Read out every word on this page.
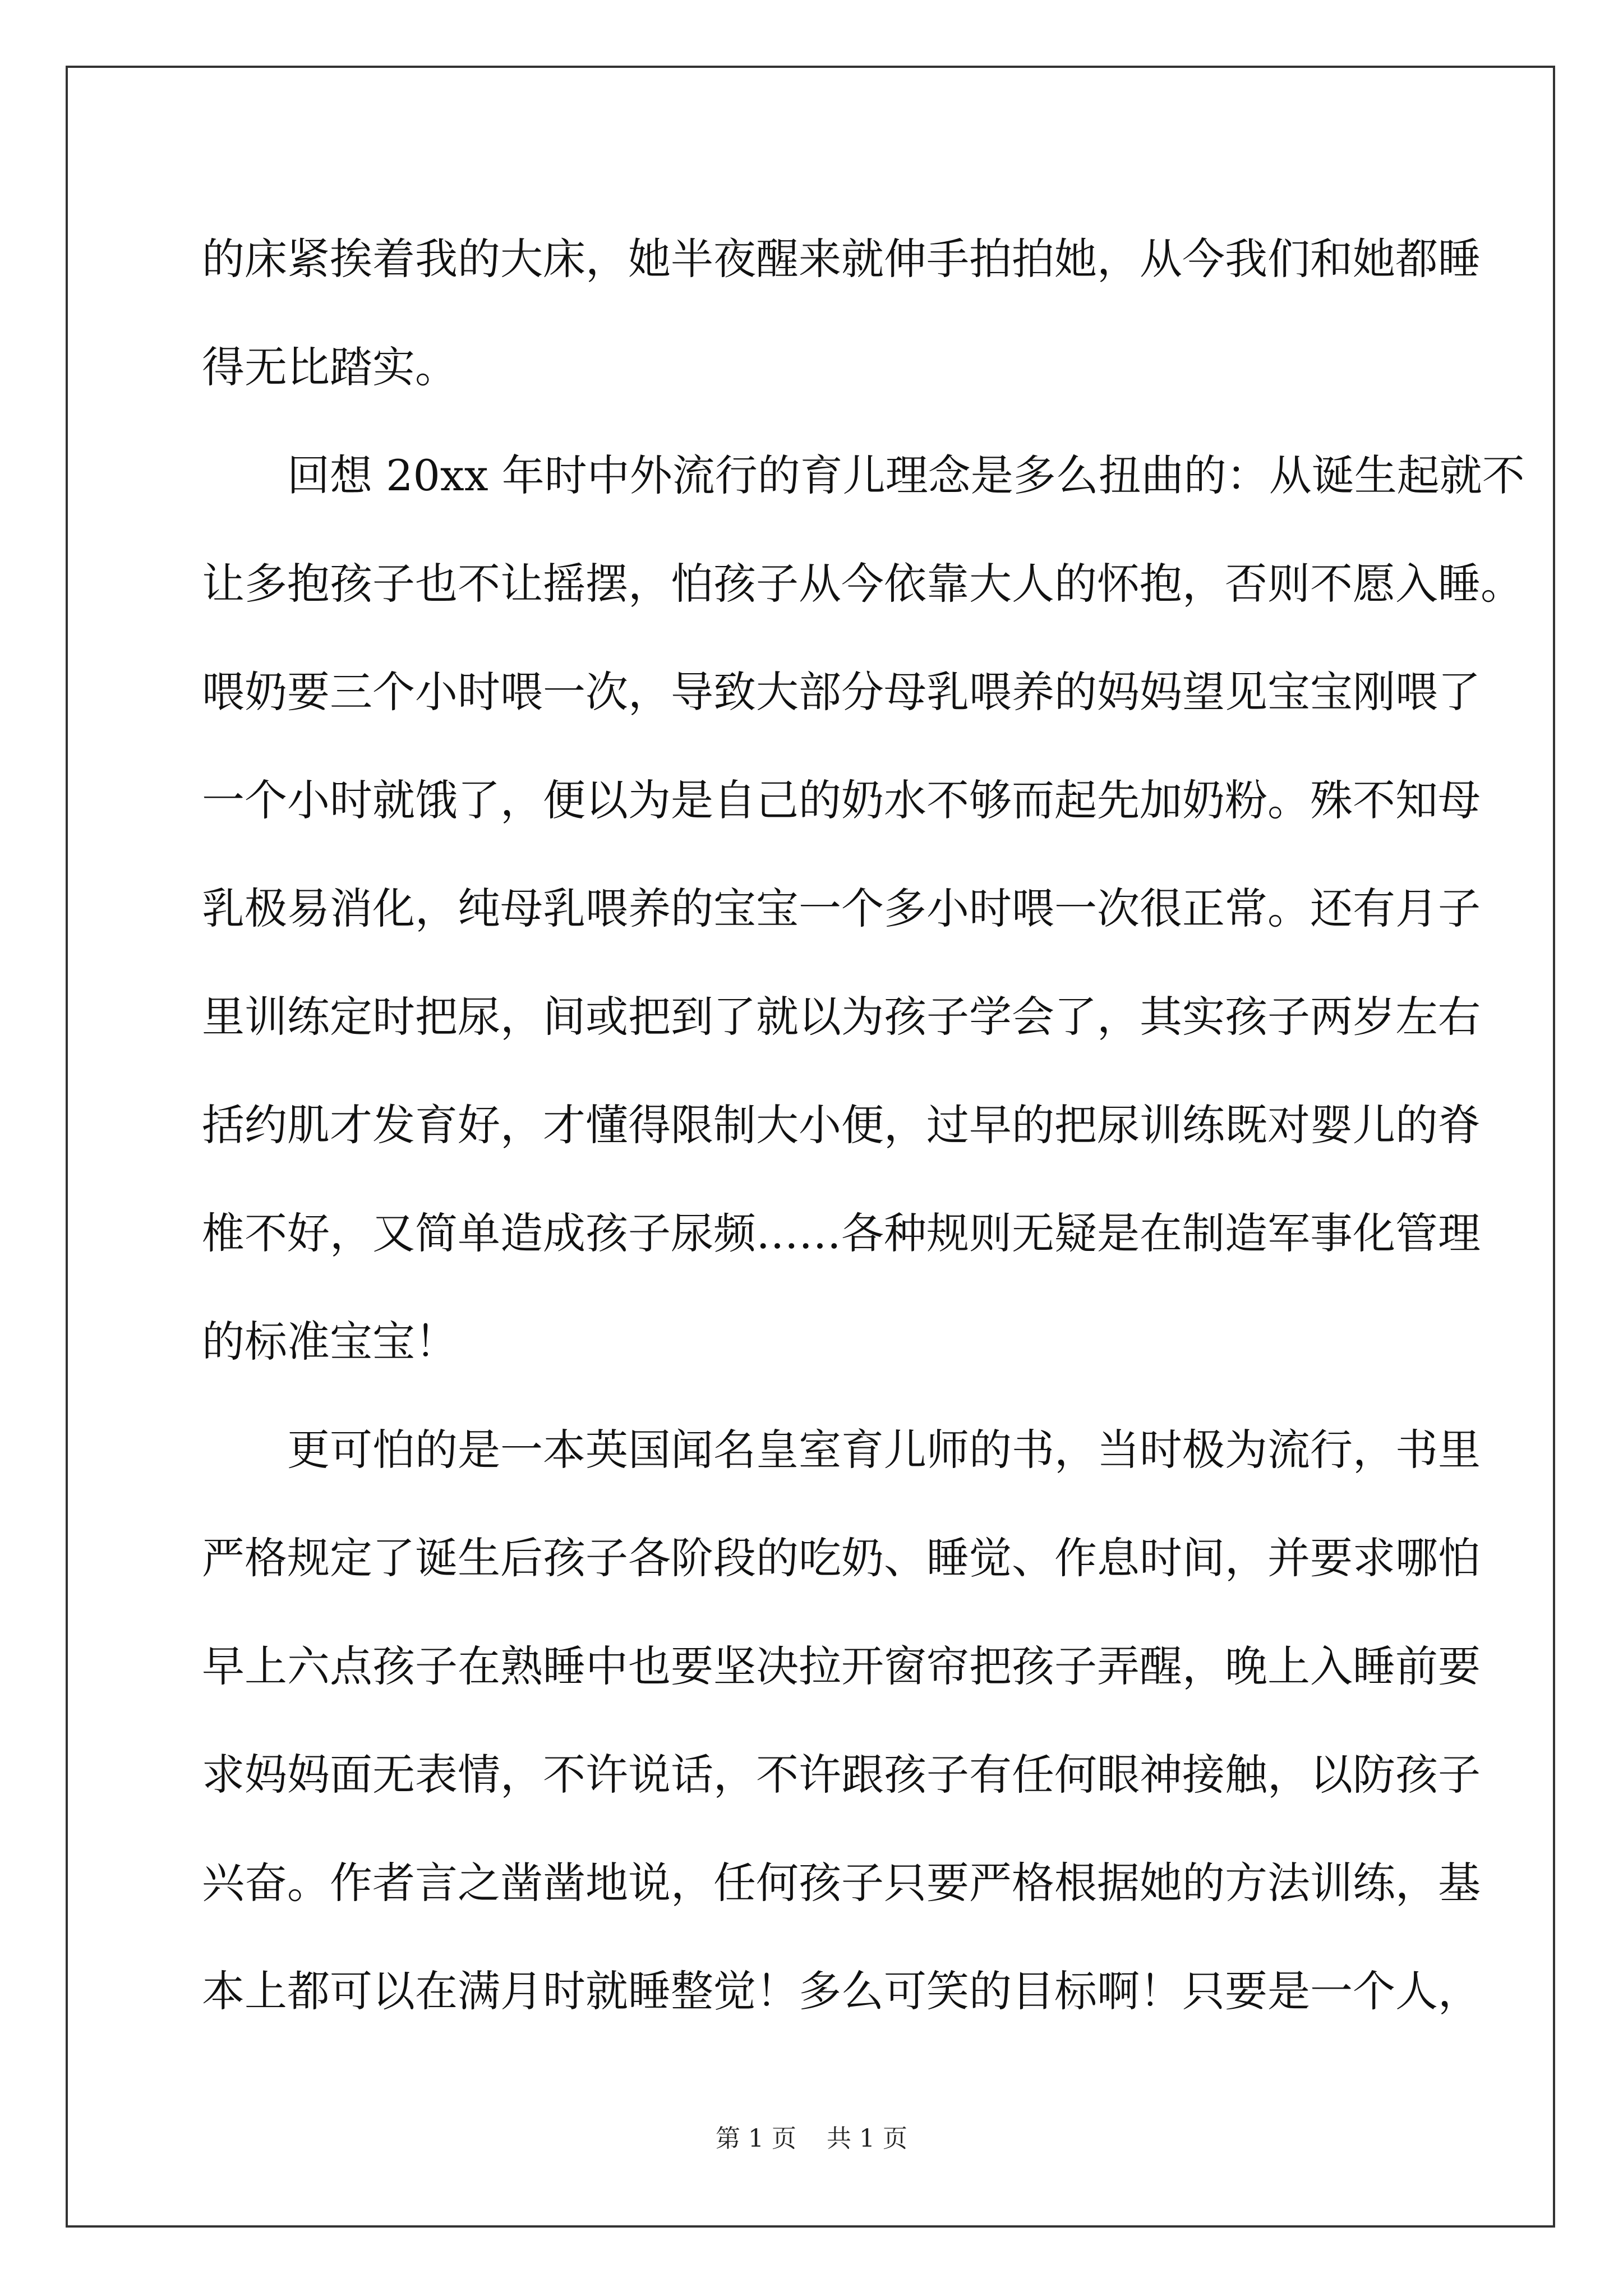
的床紧挨着我的大床，她半夜醒来就伸手拍拍她，从今我们和她都睡
得无比踏实。
回想 20xx 年时中外流行的育儿理念是多么扭曲的：从诞生起就不
让多抱孩子也不让摇摆，怕孩子从今依靠大人的怀抱，否则不愿入睡。
喂奶要三个小时喂一次，导致大部分母乳喂养的妈妈望见宝宝刚喂了
一个小时就饿了，便以为是自己的奶水不够而起先加奶粉。殊不知母
乳极易消化，纯母乳喂养的宝宝一个多小时喂一次很正常。还有月子
里训练定时把尿，间或把到了就以为孩子学会了，其实孩子两岁左右
括约肌才发育好，才懂得限制大小便，过早的把尿训练既对婴儿的脊
椎不好，又简单造成孩子尿频……各种规则无疑是在制造军事化管理
的标准宝宝！
更可怕的是一本英国闻名皇室育儿师的书，当时极为流行，书里
严格规定了诞生后孩子各阶段的吃奶、睡觉、作息时间，并要求哪怕
早上六点孩子在熟睡中也要坚决拉开窗帘把孩子弄醒，晚上入睡前要
求妈妈面无表情，不许说话，不许跟孩子有任何眼神接触，以防孩子
兴奋。作者言之凿凿地说，任何孩子只要严格根据她的方法训练，基
本上都可以在满月时就睡整觉！多么可笑的目标啊！只要是一个人，
第 1 页 共 1 页
